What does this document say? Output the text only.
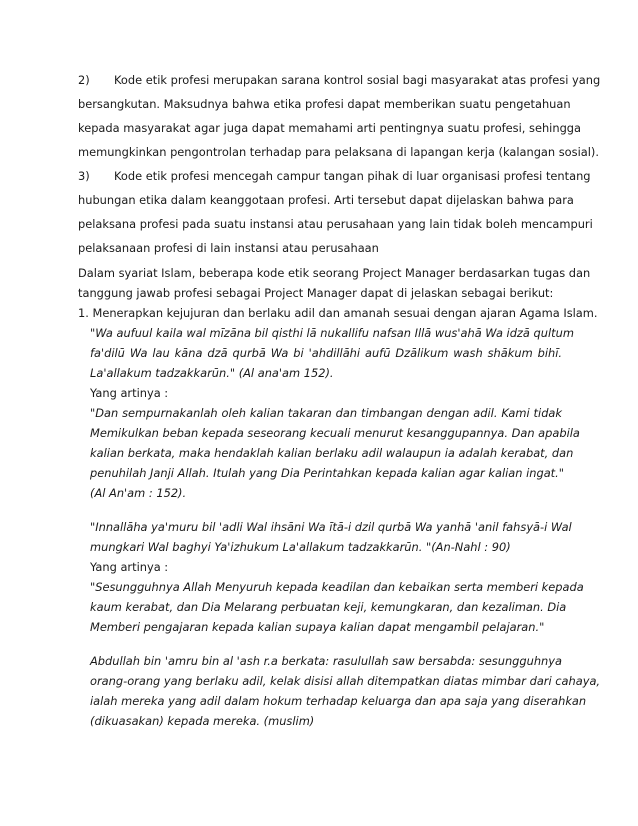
2) Kode etik profesi merupakan sarana kontrol sosial bagi masyarakat atas profesi yang
bersangkutan. Maksudnya bahwa etika profesi dapat memberikan suatu pengetahuan
kepada masyarakat agar juga dapat memahami arti pentingnya suatu profesi, sehingga
memungkinkan pengontrolan terhadap para pelaksana di lapangan kerja (kalangan sosial).
3) Kode etik profesi mencegah campur tangan pihak di luar organisasi profesi tentang
hubungan etika dalam keanggotaan profesi. Arti tersebut dapat dijelaskan bahwa para
pelaksana profesi pada suatu instansi atau perusahaan yang lain tidak boleh mencampuri
pelaksanaan profesi di lain instansi atau perusahaan
Dalam syariat Islam, beberapa kode etik seorang Project Manager berdasarkan tugas dan
tanggung jawab profesi sebagai Project Manager dapat di jelaskan sebagai berikut:
1. Menerapkan kejujuran dan berlaku adil dan amanah sesuai dengan ajaran Agama Islam.
"Wa aufuul kaila wal mīzāna bil qisthi lā nukallifu nafsan Illā wus'ahā Wa idzā qultum
fa'dilū Wa lau kāna dzā qurbā Wa bi 'ahdillāhi aufū Dzālikum wash shākum bihī.
La'allakum tadzakkarūn." (Al ana'am 152).
Yang artinya :
"Dan sempurnakanlah oleh kalian takaran dan timbangan dengan adil. Kami tidak
Memikulkan beban kepada seseorang kecuali menurut kesanggupannya. Dan apabila
kalian berkata, maka hendaklah kalian berlaku adil walaupun ia adalah kerabat, dan
penuhilah Janji Allah. Itulah yang Dia Perintahkan kepada kalian agar kalian ingat."
(Al An'am : 152).
"Innallāha ya'muru bil 'adli Wal ihsāni Wa ītā-i dzil qurbā Wa yanhā 'anil fahsyā-i Wal
mungkari Wal baghyi Ya'izhukum La'allakum tadzakkarūn. "(An-Nahl : 90)
Yang artinya :
"Sesungguhnya Allah Menyuruh kepada keadilan dan kebaikan serta memberi kepada
kaum kerabat, dan Dia Melarang perbuatan keji, kemungkaran, dan kezaliman. Dia
Memberi pengajaran kepada kalian supaya kalian dapat mengambil pelajaran."
Abdullah bin 'amru bin al 'ash r.a berkata: rasulullah saw bersabda: sesungguhnya
orang-orang yang berlaku adil, kelak disisi allah ditempatkan diatas mimbar dari cahaya,
ialah mereka yang adil dalam hokum terhadap keluarga dan apa saja yang diserahkan
(dikuasakan) kepada mereka. (muslim)
